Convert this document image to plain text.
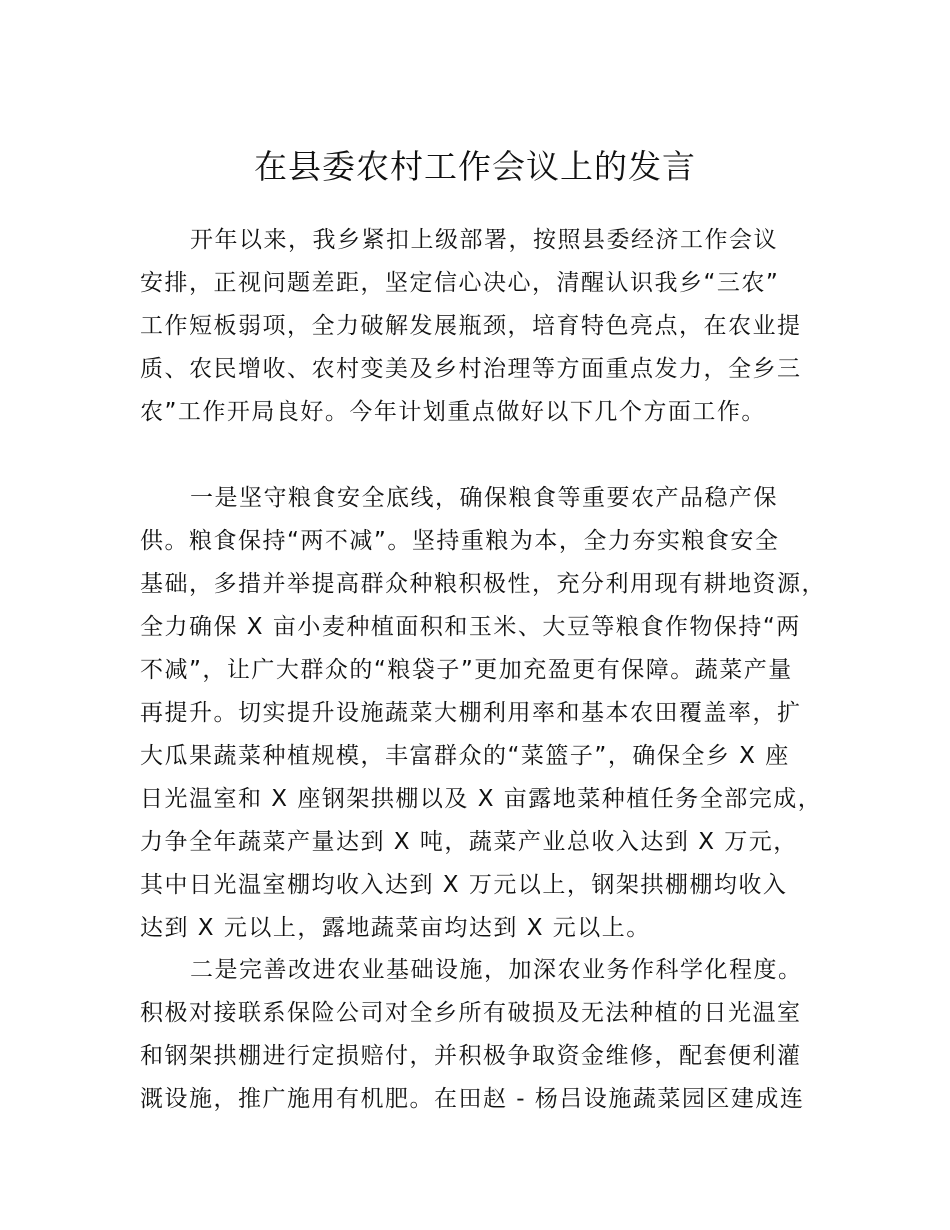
在县委农村工作会议上的发言
开年以来，我乡紧扣上级部署，按照县委经济工作会议
安排，正视问题差距，坚定信心决心，清醒认识我乡“三农”
工作短板弱项，全力破解发展瓶颈，培育特色亮点，在农业提
质、农民增收、农村变美及乡村治理等方面重点发力，全乡三
农”工作开局良好。今年计划重点做好以下几个方面工作。
一是坚守粮食安全底线，确保粮食等重要农产品稳产保
供。粮食保持“两不减”。坚持重粮为本，全力夯实粮食安全
基础，多措并举提高群众种粮积极性，充分利用现有耕地资源，
全力确保 X 亩小麦种植面积和玉米、大豆等粮食作物保持“两
不减”，让广大群众的“粮袋子”更加充盈更有保障。蔬菜产量
再提升。切实提升设施蔬菜大棚利用率和基本农田覆盖率，扩
大瓜果蔬菜种植规模，丰富群众的“菜篮子”，确保全乡 X 座
日光温室和 X 座钢架拱棚以及 X 亩露地菜种植任务全部完成，
力争全年蔬菜产量达到 X 吨，蔬菜产业总收入达到 X 万元，
其中日光温室棚均收入达到 X 万元以上，钢架拱棚棚均收入
达到 X 元以上，露地蔬菜亩均达到 X 元以上。
二是完善改进农业基础设施，加深农业务作科学化程度。
积极对接联系保险公司对全乡所有破损及无法种植的日光温室
和钢架拱棚进行定损赔付，并积极争取资金维修，配套便利灌
溉设施，推广施用有机肥。在田赵 - 杨吕设施蔬菜园区建成连
